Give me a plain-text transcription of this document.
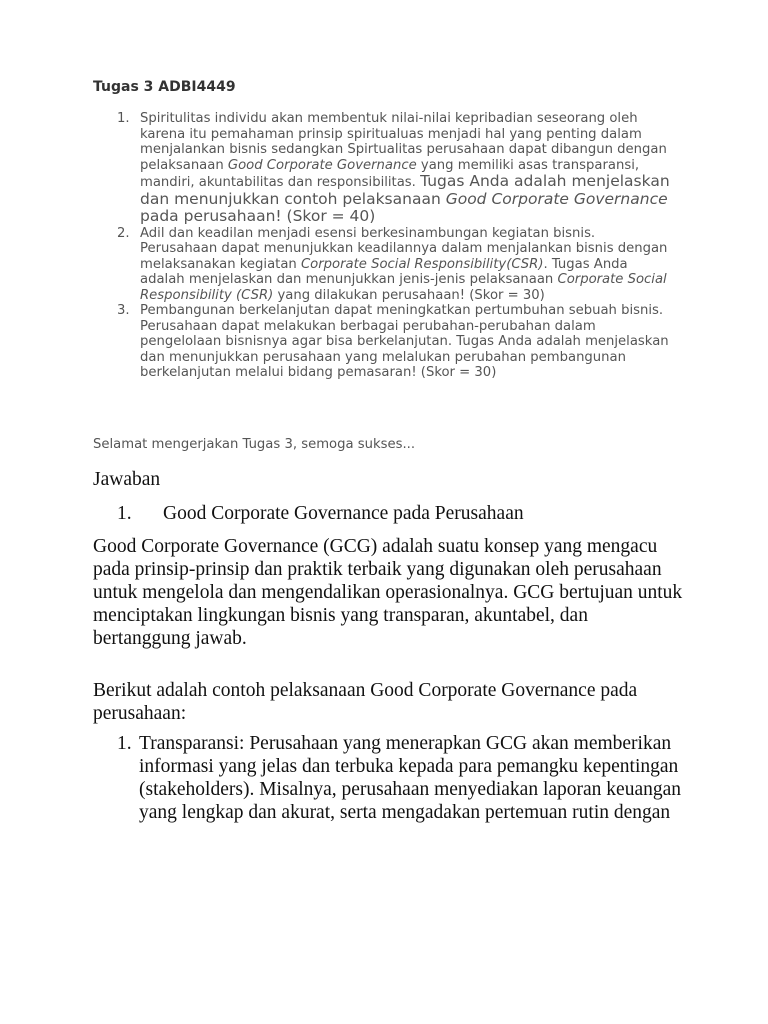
Tugas 3 ADBI4449
1. Spiritulitas individu akan membentuk nilai-nilai kepribadian seseorang oleh karena itu pemahaman prinsip spiritualuas menjadi hal yang penting dalam menjalankan bisnis sedangkan Spirtualitas perusahaan dapat dibangun dengan pelaksanaan Good Corporate Governance yang memiliki asas transparansi, mandiri, akuntabilitas dan responsibilitas. Tugas Anda adalah menjelaskan dan menunjukkan contoh pelaksanaan Good Corporate Governance pada perusahaan! (Skor = 40)
2. Adil dan keadilan menjadi esensi berkesinambungan kegiatan bisnis. Perusahaan dapat menunjukkan keadilannya dalam menjalankan bisnis dengan melaksanakan kegiatan Corporate Social Responsibility(CSR). Tugas Anda adalah menjelaskan dan menunjukkan jenis-jenis pelaksanaan Corporate Social Responsibility (CSR) yang dilakukan perusahaan! (Skor = 30)
3. Pembangunan berkelanjutan dapat meningkatkan pertumbuhan sebuah bisnis. Perusahaan dapat melakukan berbagai perubahan-perubahan dalam pengelolaan bisnisnya agar bisa berkelanjutan. Tugas Anda adalah menjelaskan dan menunjukkan perusahaan yang melalukan perubahan pembangunan berkelanjutan melalui bidang pemasaran! (Skor = 30)
Selamat mengerjakan Tugas 3, semoga sukses...
Jawaban
1. Good Corporate Governance pada Perusahaan
Good Corporate Governance (GCG) adalah suatu konsep yang mengacu pada prinsip-prinsip dan praktik terbaik yang digunakan oleh perusahaan untuk mengelola dan mengendalikan operasionalnya. GCG bertujuan untuk menciptakan lingkungan bisnis yang transparan, akuntabel, dan bertanggung jawab.
Berikut adalah contoh pelaksanaan Good Corporate Governance pada perusahaan:
1. Transparansi: Perusahaan yang menerapkan GCG akan memberikan informasi yang jelas dan terbuka kepada para pemangku kepentingan (stakeholders). Misalnya, perusahaan menyediakan laporan keuangan yang lengkap dan akurat, serta mengadakan pertemuan rutin dengan
